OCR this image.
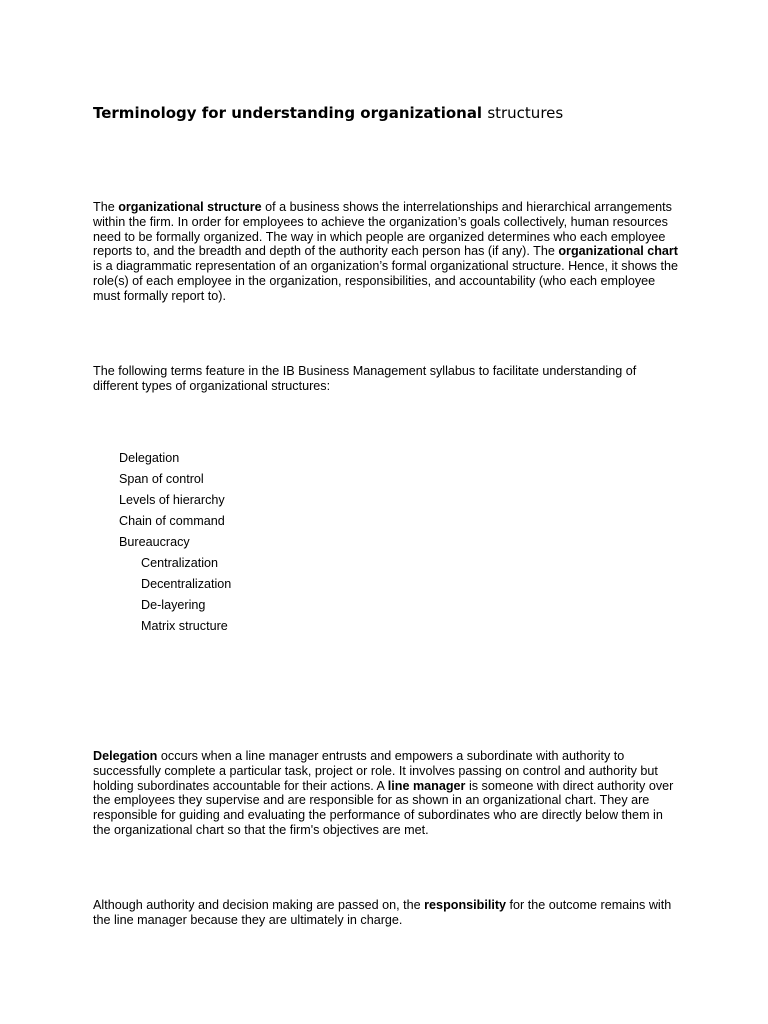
Terminology for understanding organizational structures

The organizational structure of a business shows the interrelationships and hierarchical arrangements within the firm. In order for employees to achieve the organization’s goals collectively, human resources need to be formally organized. The way in which people are organized determines who each employee reports to, and the breadth and depth of the authority each person has (if any). The organizational chart is a diagrammatic representation of an organization’s formal organizational structure. Hence, it shows the role(s) of each employee in the organization, responsibilities, and accountability (who each employee must formally report to).

The following terms feature in the IB Business Management syllabus to facilitate understanding of different types of organizational structures:

Delegation
Span of control
Levels of hierarchy
Chain of command
Bureaucracy
Centralization
Decentralization
De-layering
Matrix structure

Delegation occurs when a line manager entrusts and empowers a subordinate with authority to successfully complete a particular task, project or role. It involves passing on control and authority but holding subordinates accountable for their actions. A line manager is someone with direct authority over the employees they supervise and are responsible for as shown in an organizational chart. They are responsible for guiding and evaluating the performance of subordinates who are directly below them in the organizational chart so that the firm's objectives are met.

Although authority and decision making are passed on, the responsibility for the outcome remains with the line manager because they are ultimately in charge.
